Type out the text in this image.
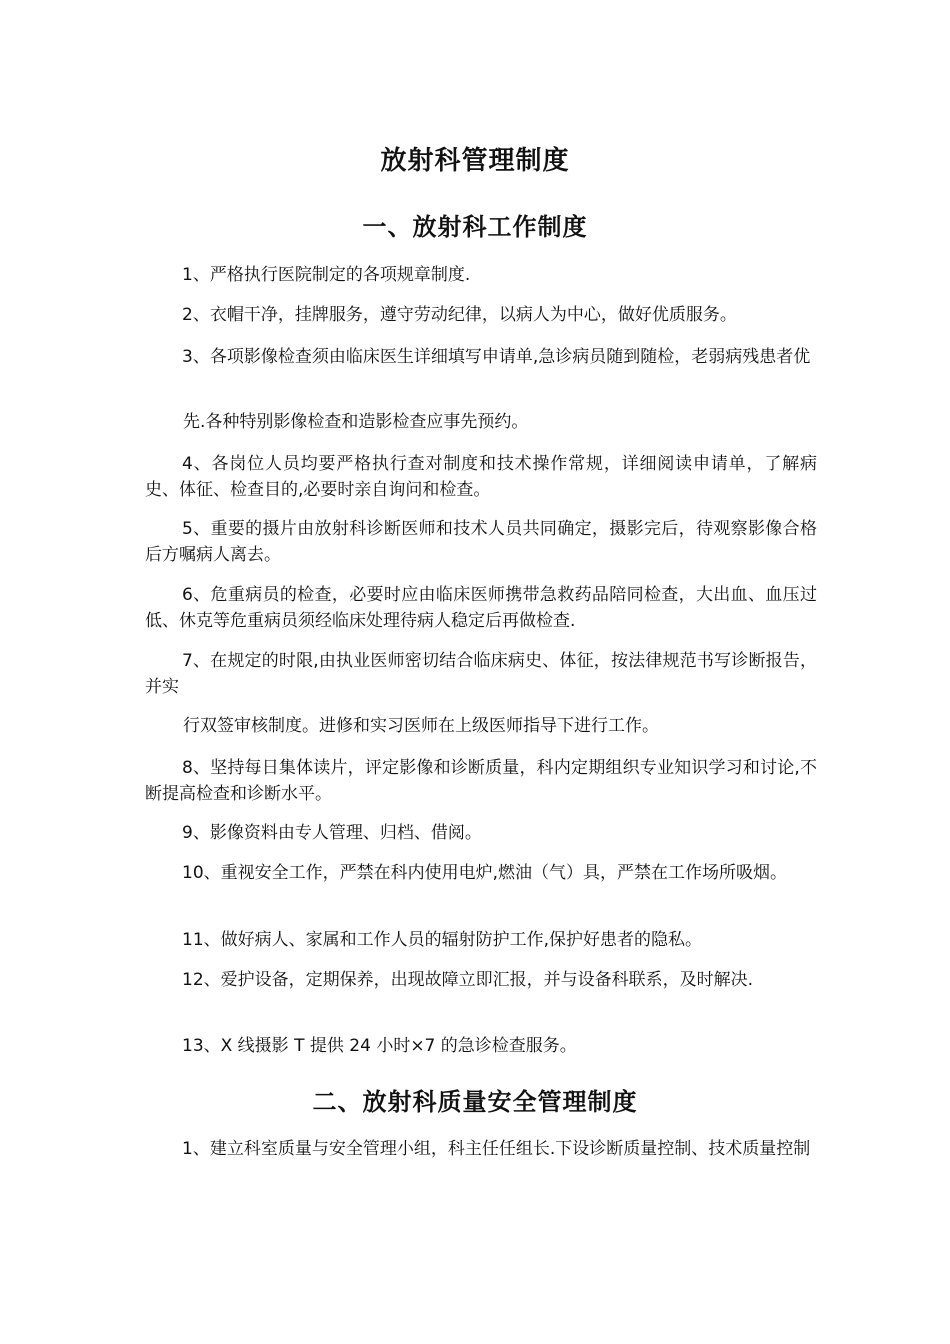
放射科管理制度
一、放射科工作制度
1、严格执行医院制定的各项规章制度.
2、衣帽干净，挂牌服务，遵守劳动纪律，以病人为中心，做好优质服务。
3、各项影像检查须由临床医生详细填写申请单,急诊病员随到随检，老弱病残患者优
先.各种特别影像检查和造影检查应事先预约。
4、各岗位人员均要严格执行查对制度和技术操作常规，详细阅读申请单，了解病史、体征、检查目的,必要时亲自询问和检查。
5、重要的摄片由放射科诊断医师和技术人员共同确定，摄影完后，待观察影像合格后方嘱病人离去。
6、危重病员的检查，必要时应由临床医师携带急救药品陪同检查，大出血、血压过低、休克等危重病员须经临床处理待病人稳定后再做检查.
7、在规定的时限,由执业医师密切结合临床病史、体征，按法律规范书写诊断报告，并实
行双签审核制度。进修和实习医师在上级医师指导下进行工作。
8、坚持每日集体读片，评定影像和诊断质量，科内定期组织专业知识学习和讨论,不断提高检查和诊断水平。
9、影像资料由专人管理、归档、借阅。
10、重视安全工作，严禁在科内使用电炉,燃油（气）具，严禁在工作场所吸烟。
11、做好病人、家属和工作人员的辐射防护工作,保护好患者的隐私。
12、爱护设备，定期保养，出现故障立即汇报，并与设备科联系，及时解决.
13、X 线摄影 T 提供 24 小时×7 的急诊检查服务。
二、放射科质量安全管理制度
1、建立科室质量与安全管理小组，科主任任组长.下设诊断质量控制、技术质量控制
